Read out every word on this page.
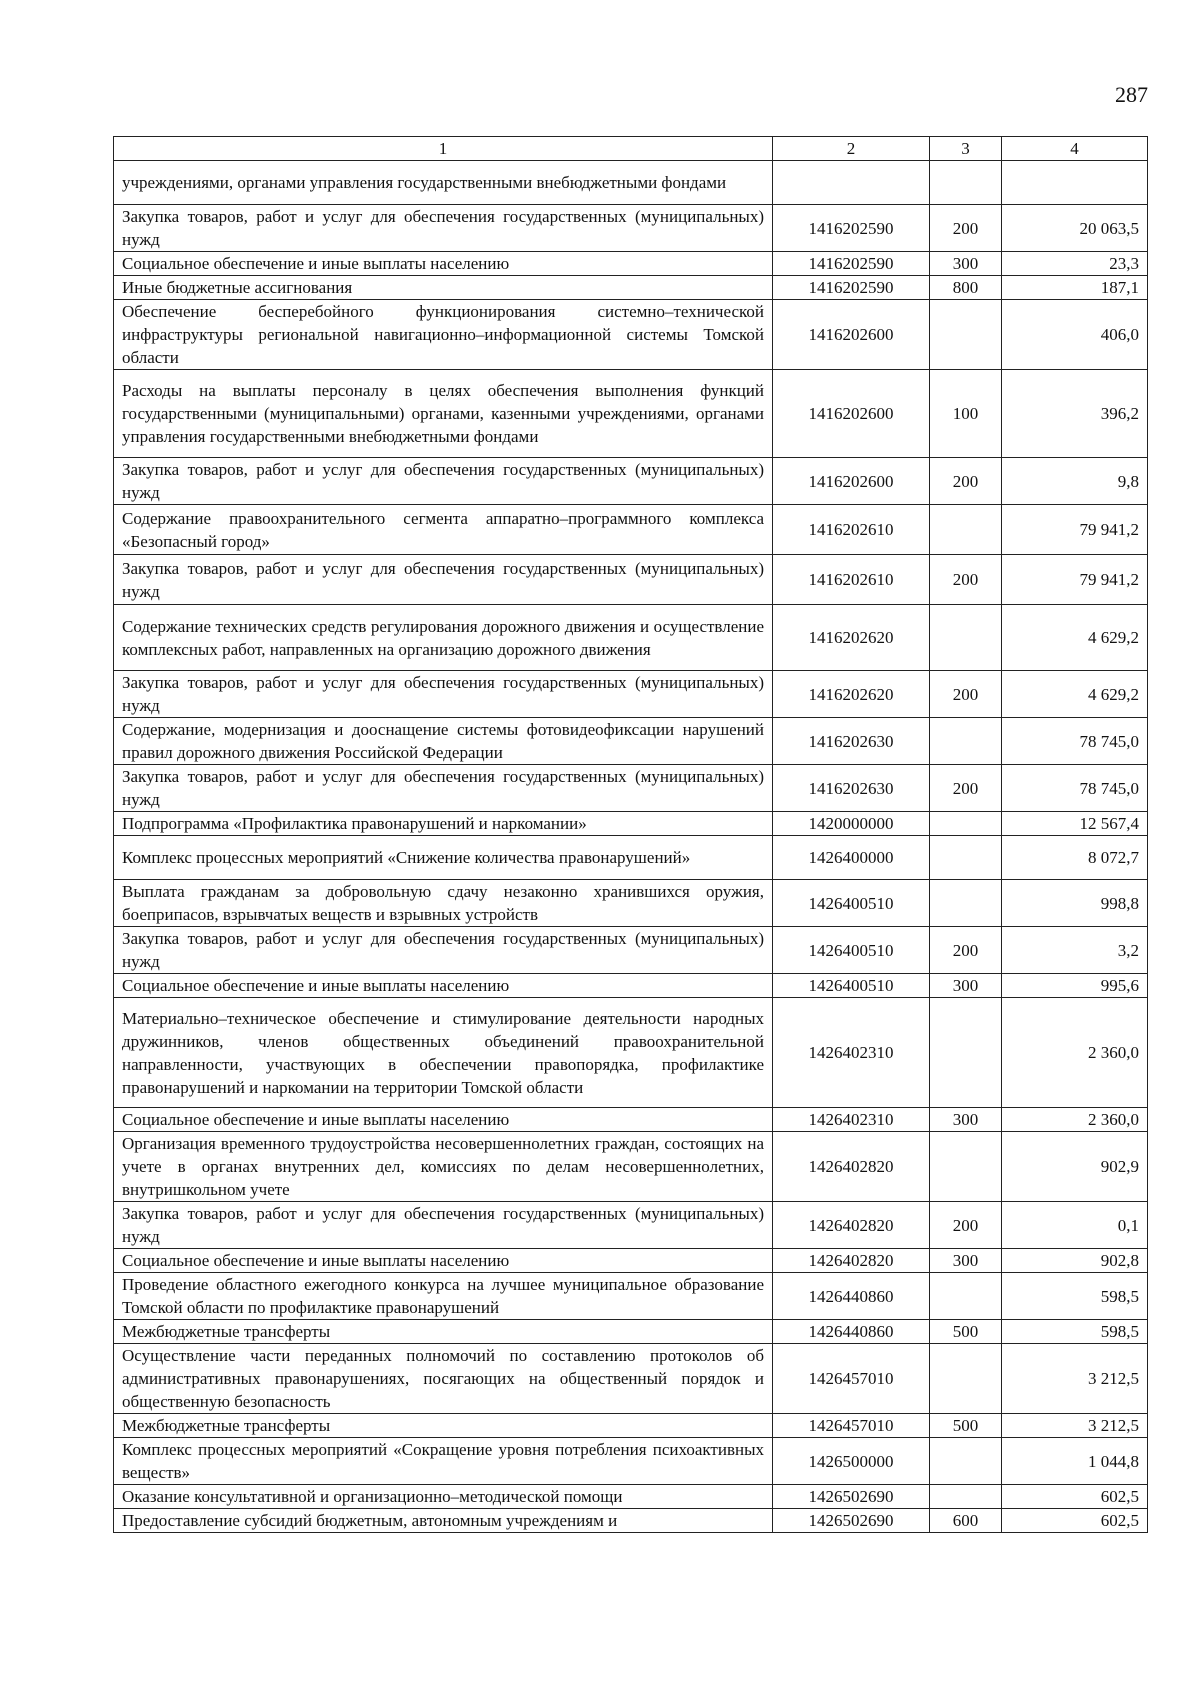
287
1	2	3	4
учреждениями, органами управления государственными внебюджетными фондами			
Закупка товаров, работ и услуг для обеспечения государственных (муниципальных) нужд	1416202590	200	20 063,5
Социальное обеспечение и иные выплаты населению	1416202590	300	23,3
Иные бюджетные ассигнования	1416202590	800	187,1
Обеспечение бесперебойного функционирования системно–технической инфраструктуры региональной навигационно–информационной системы Томской области	1416202600		406,0
Расходы на выплаты персоналу в целях обеспечения выполнения функций государственными (муниципальными) органами, казенными учреждениями, органами управления государственными внебюджетными фондами	1416202600	100	396,2
Закупка товаров, работ и услуг для обеспечения государственных (муниципальных) нужд	1416202600	200	9,8
Содержание правоохранительного сегмента аппаратно–программного комплекса «Безопасный город»	1416202610		79 941,2
Закупка товаров, работ и услуг для обеспечения государственных (муниципальных) нужд	1416202610	200	79 941,2
Содержание технических средств регулирования дорожного движения и осуществление комплексных работ, направленных на организацию дорожного движения	1416202620		4 629,2
Закупка товаров, работ и услуг для обеспечения государственных (муниципальных) нужд	1416202620	200	4 629,2
Содержание, модернизация и дооснащение системы фотовидеофиксации нарушений правил дорожного движения Российской Федерации	1416202630		78 745,0
Закупка товаров, работ и услуг для обеспечения государственных (муниципальных) нужд	1416202630	200	78 745,0
Подпрограмма «Профилактика правонарушений и наркомании»	1420000000		12 567,4
Комплекс процессных мероприятий «Снижение количества правонарушений»	1426400000		8 072,7
Выплата гражданам за добровольную сдачу незаконно хранившихся оружия, боеприпасов, взрывчатых веществ и взрывных устройств	1426400510		998,8
Закупка товаров, работ и услуг для обеспечения государственных (муниципальных) нужд	1426400510	200	3,2
Социальное обеспечение и иные выплаты населению	1426400510	300	995,6
Материально–техническое обеспечение и стимулирование деятельности народных дружинников, членов общественных объединений правоохранительной направленности, участвующих в обеспечении правопорядка, профилактике правонарушений и наркомании на территории Томской области	1426402310		2 360,0
Социальное обеспечение и иные выплаты населению	1426402310	300	2 360,0
Организация временного трудоустройства несовершеннолетних граждан, состоящих на учете в органах внутренних дел, комиссиях по делам несовершеннолетних, внутришкольном учете	1426402820		902,9
Закупка товаров, работ и услуг для обеспечения государственных (муниципальных) нужд	1426402820	200	0,1
Социальное обеспечение и иные выплаты населению	1426402820	300	902,8
Проведение областного ежегодного конкурса на лучшее муниципальное образование Томской области по профилактике правонарушений	1426440860		598,5
Межбюджетные трансферты	1426440860	500	598,5
Осуществление части переданных полномочий по составлению протоколов об административных правонарушениях, посягающих на общественный порядок и общественную безопасность	1426457010		3 212,5
Межбюджетные трансферты	1426457010	500	3 212,5
Комплекс процессных мероприятий «Сокращение уровня потребления психоактивных веществ»	1426500000		1 044,8
Оказание консультативной и организационно–методической помощи	1426502690		602,5
Предоставление субсидий бюджетным, автономным учреждениям и	1426502690	600	602,5
